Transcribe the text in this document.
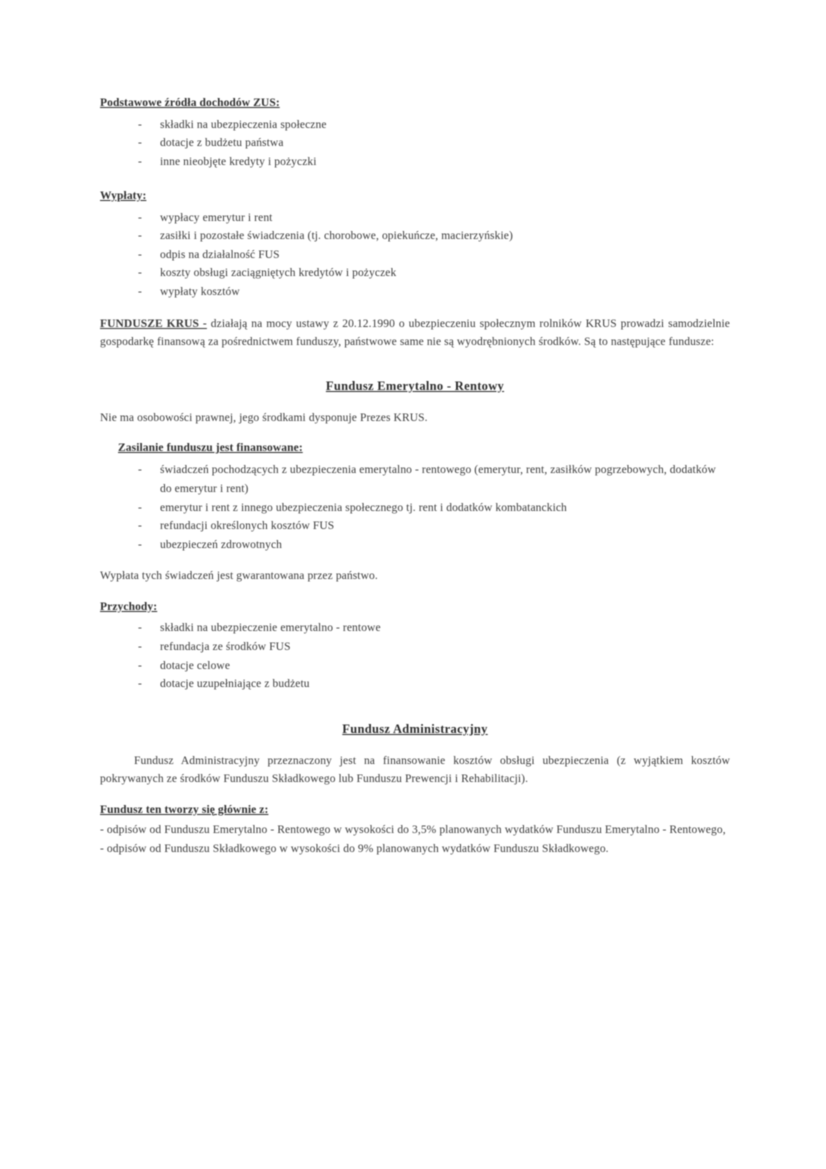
Podstawowe źródła dochodów ZUS:
- składki na ubezpieczenia społeczne
- dotacje z budżetu państwa
- inne nieobjęte kredyty i pożyczki
Wypłaty:
- wypłacy emerytur i rent
- zasiłki i pozostałe świadczenia (tj. chorobowe, opiekuńcze, macierzyńskie)
- odpis na działalność FUS
- koszty obsługi zaciągniętych kredytów i pożyczek
- wypłaty kosztów

FUNDUSZE KRUS - działają na mocy ustawy z 20.12.1990 o ubezpieczeniu społecznym rolników KRUS prowadzi samodzielnie gospodarkę finansową za pośrednictwem funduszy, państwowe same nie są wyodrębnionych środków. Są to następujące fundusze:

Fundusz Emerytalno - Rentowy

Nie ma osobowości prawnej, jego środkami dysponuje Prezes KRUS.

Zasilanie funduszu jest finansowane:
- świadczeń pochodzących z ubezpieczenia emerytalno - rentowego (emerytur, rent, zasiłków pogrzebowych, dodatków do emerytur i rent)
- emerytur i rent z innego ubezpieczenia społecznego tj. rent i dodatków kombatanckich
- refundacji określonych kosztów FUS
- ubezpieczeń zdrowotnych

Wypłata tych świadczeń jest gwarantowana przez państwo.

Przychody:
- składki na ubezpieczenie emerytalno - rentowe
- refundacja ze środków FUS
- dotacje celowe
- dotacje uzupełniające z budżetu
Fundusz Administracyjny

Fundusz Administracyjny przeznaczony jest na finansowanie kosztów obsługi ubezpieczenia (z wyjątkiem kosztów pokrywanych ze środków Funduszu Składkowego lub Funduszu Prewencji i Rehabilitacji).

Fundusz ten tworzy się głównie z:
- odpisów od Funduszu Emerytalno - Rentowego w wysokości do 3,5% planowanych wydatków Funduszu Emerytalno - Rentowego,
- odpisów od Funduszu Składkowego w wysokości do 9% planowanych wydatków Funduszu Składkowego.
